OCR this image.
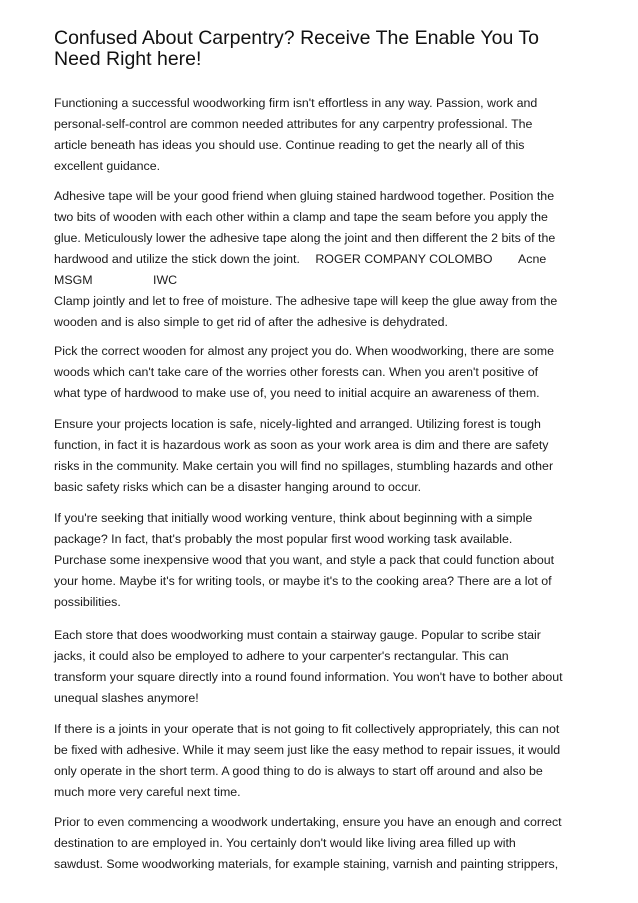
Confused About Carpentry? Receive The Enable You To
Need Right here!
Functioning a successful woodworking firm isn't effortless in any way. Passion, work and
personal-self-control are common needed attributes for any carpentry professional. The
article beneath has ideas you should use. Continue reading to get the nearly all of this
excellent guidance.
Adhesive tape will be your good friend when gluing stained hardwood together. Position the
two bits of wooden with each other within a clamp and tape the seam before you apply the
glue. Meticulously lower the adhesive tape along the joint and then different the 2 bits of the
hardwood and utilize the stick down the joint. ROGER COMPANY COLOMBO Acne
MSGM	IWC
Clamp jointly and let to free of moisture. The adhesive tape will keep the glue away from the
wooden and is also simple to get rid of after the adhesive is dehydrated.
Pick the correct wooden for almost any project you do. When woodworking, there are some
woods which can't take care of the worries other forests can. When you aren't positive of
what type of hardwood to make use of, you need to initial acquire an awareness of them.
Ensure your projects location is safe, nicely-lighted and arranged. Utilizing forest is tough
function, in fact it is hazardous work as soon as your work area is dim and there are safety
risks in the community. Make certain you will find no spillages, stumbling hazards and other
basic safety risks which can be a disaster hanging around to occur.
If you're seeking that initially wood working venture, think about beginning with a simple
package? In fact, that's probably the most popular first wood working task available.
Purchase some inexpensive wood that you want, and style a pack that could function about
your home. Maybe it's for writing tools, or maybe it's to the cooking area? There are a lot of
possibilities.
Each store that does woodworking must contain a stairway gauge. Popular to scribe stair
jacks, it could also be employed to adhere to your carpenter's rectangular. This can
transform your square directly into a round found information. You won't have to bother about
unequal slashes anymore!
If there is a joints in your operate that is not going to fit collectively appropriately, this can not
be fixed with adhesive. While it may seem just like the easy method to repair issues, it would
only operate in the short term. A good thing to do is always to start off around and also be
much more very careful next time.
Prior to even commencing a woodwork undertaking, ensure you have an enough and correct
destination to are employed in. You certainly don't would like living area filled up with
sawdust. Some woodworking materials, for example staining, varnish and painting strippers,
